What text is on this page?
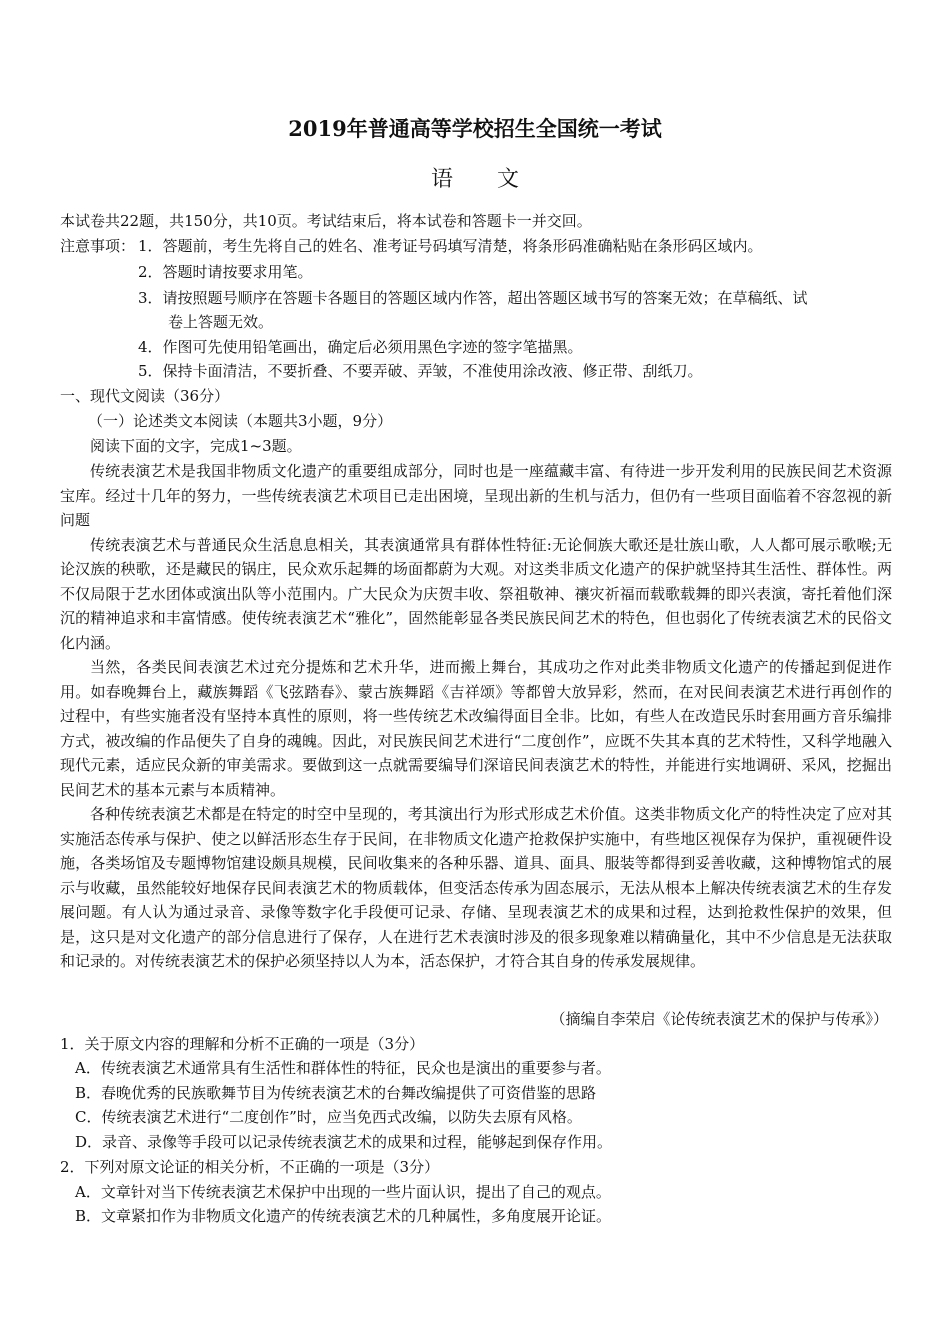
2019年普通高等学校招生全国统一考试
语　　文
本试卷共22题，共150分，共10页。考试结束后，将本试卷和答题卡一并交回。
注意事项： 1．答题前，考生先将自己的姓名、准考证号码填写清楚，将条形码准确粘贴在条形码区域内。
2．答题时请按要求用笔。
3．请按照题号顺序在答题卡各题目的答题区域内作答，超出答题区域书写的答案无效；在草稿纸、试
卷上答题无效。
4．作图可先使用铅笔画出，确定后必须用黑色字迹的签字笔描黑。
5．保持卡面清洁，不要折叠、不要弄破、弄皱，不准使用涂改液、修正带、刮纸刀。
一、现代文阅读（36分）
（一）论述类文本阅读（本题共3小题，9分）
阅读下面的文字，完成1~3题。

传统表演艺术是我国非物质文化遗产的重要组成部分，同时也是一座蕴藏丰富、有待进一步开发利用的民族民间艺术资源宝库。经过十几年的努力，一些传统表演艺术项目已走出困境，呈现出新的生机与活力，但仍有一些项目面临着不容忽视的新问题

传统表演艺术与普通民众生活息息相关，其表演通常具有群体性特征:无论侗族大歌还是壮族山歌，人人都可展示歌喉;无论汉族的秧歌，还是藏民的锅庄，民众欢乐起舞的场面都蔚为大观。对这类非质文化遗产的保护就坚持其生活性、群体性。两不仅局限于艺水团体或演出队等小范围内。广大民众为庆贺丰收、祭祖敬神、禳灾祈福而载歌载舞的即兴表演，寄托着他们深沉的精神追求和丰富情感。使传统表演艺术“雅化”，固然能彰显各类民族民间艺术的特色，但也弱化了传统表演艺术的民俗文化内涵。

当然，各类民间表演艺术过充分提炼和艺术升华，进而搬上舞台，其成功之作对此类非物质文化遗产的传播起到促进作用。如春晚舞台上，藏族舞蹈《飞弦踏春》、蒙古族舞蹈《吉祥颂》等都曾大放异彩，然而，在对民间表演艺术进行再创作的过程中，有些实施者没有坚持本真性的原则，将一些传统艺术改编得面目全非。比如，有些人在改造民乐时套用画方音乐编排方式，被改编的作品便失了自身的魂魄。因此，对民族民间艺术进行“二度创作”，应既不失其本真的艺术特性，又科学地融入现代元素，适应民众新的审美需求。要做到这一点就需要编导们深谙民间表演艺术的特性，并能进行实地调研、采风，挖掘出民间艺术的基本元素与本质精神。

各种传统表演艺术都是在特定的时空中呈现的，考其演出行为形式形成艺术价值。这类非物质文化产的特性决定了应对其实施活态传承与保护、使之以鲜活形态生存于民间，在非物质文化遗产抢救保护实施中，有些地区视保存为保护，重视硬件设施，各类场馆及专题博物馆建设颇具规模，民间收集来的各种乐器、道具、面具、服装等都得到妥善收藏，这种博物馆式的展示与收藏，虽然能较好地保存民间表演艺术的物质载体，但变活态传承为固态展示，无法从根本上解决传统表演艺术的生存发展问题。有人认为通过录音、录像等数字化手段便可记录、存储、呈现表演艺术的成果和过程，达到抢救性保护的效果，但是，这只是对文化遗产的部分信息进行了保存，人在进行艺术表演时涉及的很多现象难以精确量化，其中不少信息是无法获取和记录的。对传统表演艺术的保护必须坚持以人为本，活态保护，才符合其自身的传承发展规律。

（摘编自李荣启《论传统表演艺术的保护与传承》）
1．关于原文内容的理解和分析不正确的一项是（3分）
A．传统表演艺术通常具有生活性和群体性的特征，民众也是演出的重要参与者。
B．春晚优秀的民族歌舞节目为传统表演艺术的台舞改编提供了可资借鉴的思路
C．传统表演艺术进行“二度创作”时，应当免西式改编，以防失去原有风格。
D．录音、录像等手段可以记录传统表演艺术的成果和过程，能够起到保存作用。
2．下列对原文论证的相关分析，不正确的一项是（3分）
A．文章针对当下传统表演艺术保护中出现的一些片面认识，提出了自己的观点。
B．文章紧扣作为非物质文化遗产的传统表演艺术的几种属性，多角度展开论证。
